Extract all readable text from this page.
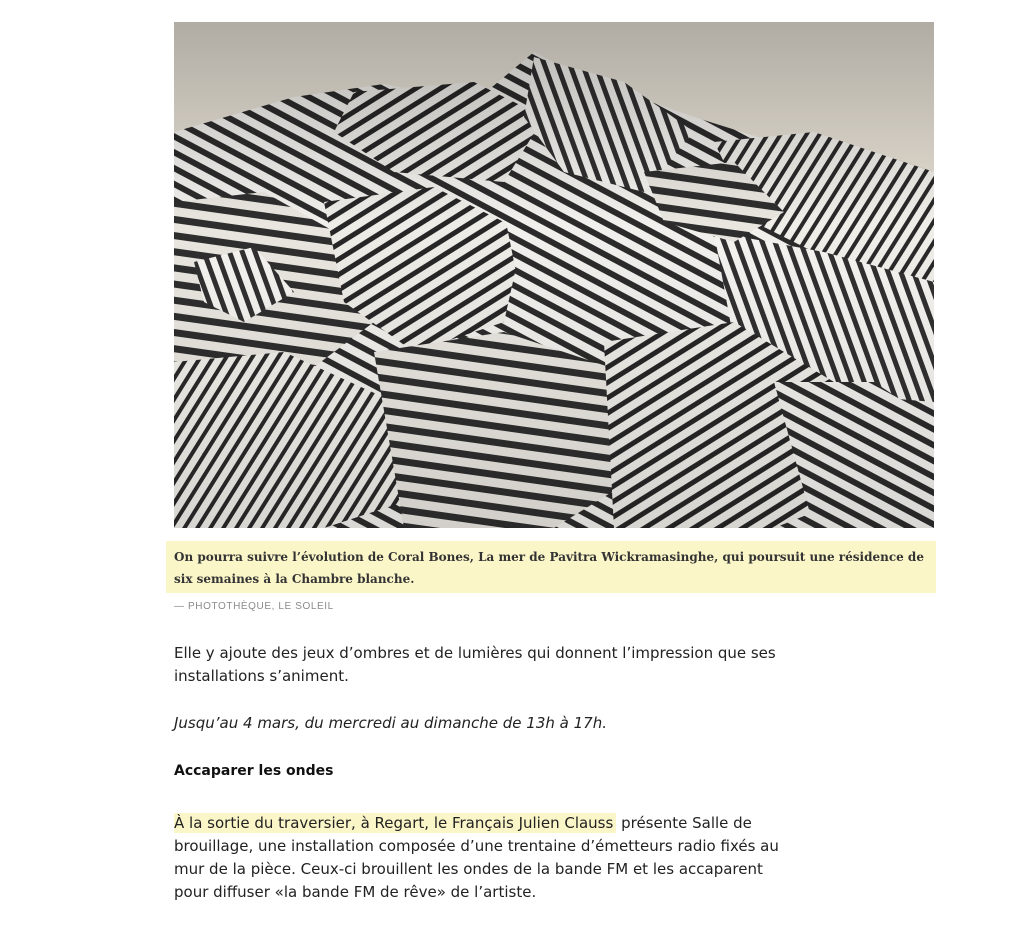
On pourra suivre l’évolution de Coral Bones, La mer de Pavitra Wickramasinghe, qui poursuit une résidence de six semaines à la Chambre blanche.
— PHOTOTHÈQUE, LE SOLEIL

Elle y ajoute des jeux d’ombres et de lumières qui donnent l’impression que ses installations s’animent.

Jusqu’au 4 mars, du mercredi au dimanche de 13h à 17h.

Accaparer les ondes

À la sortie du traversier, à Regart, le Français Julien Clauss présente Salle de brouillage, une installation composée d’une trentaine d’émetteurs radio fixés au mur de la pièce. Ceux-ci brouillent les ondes de la bande FM et les accaparent pour diffuser «la bande FM de rêve» de l’artiste.
